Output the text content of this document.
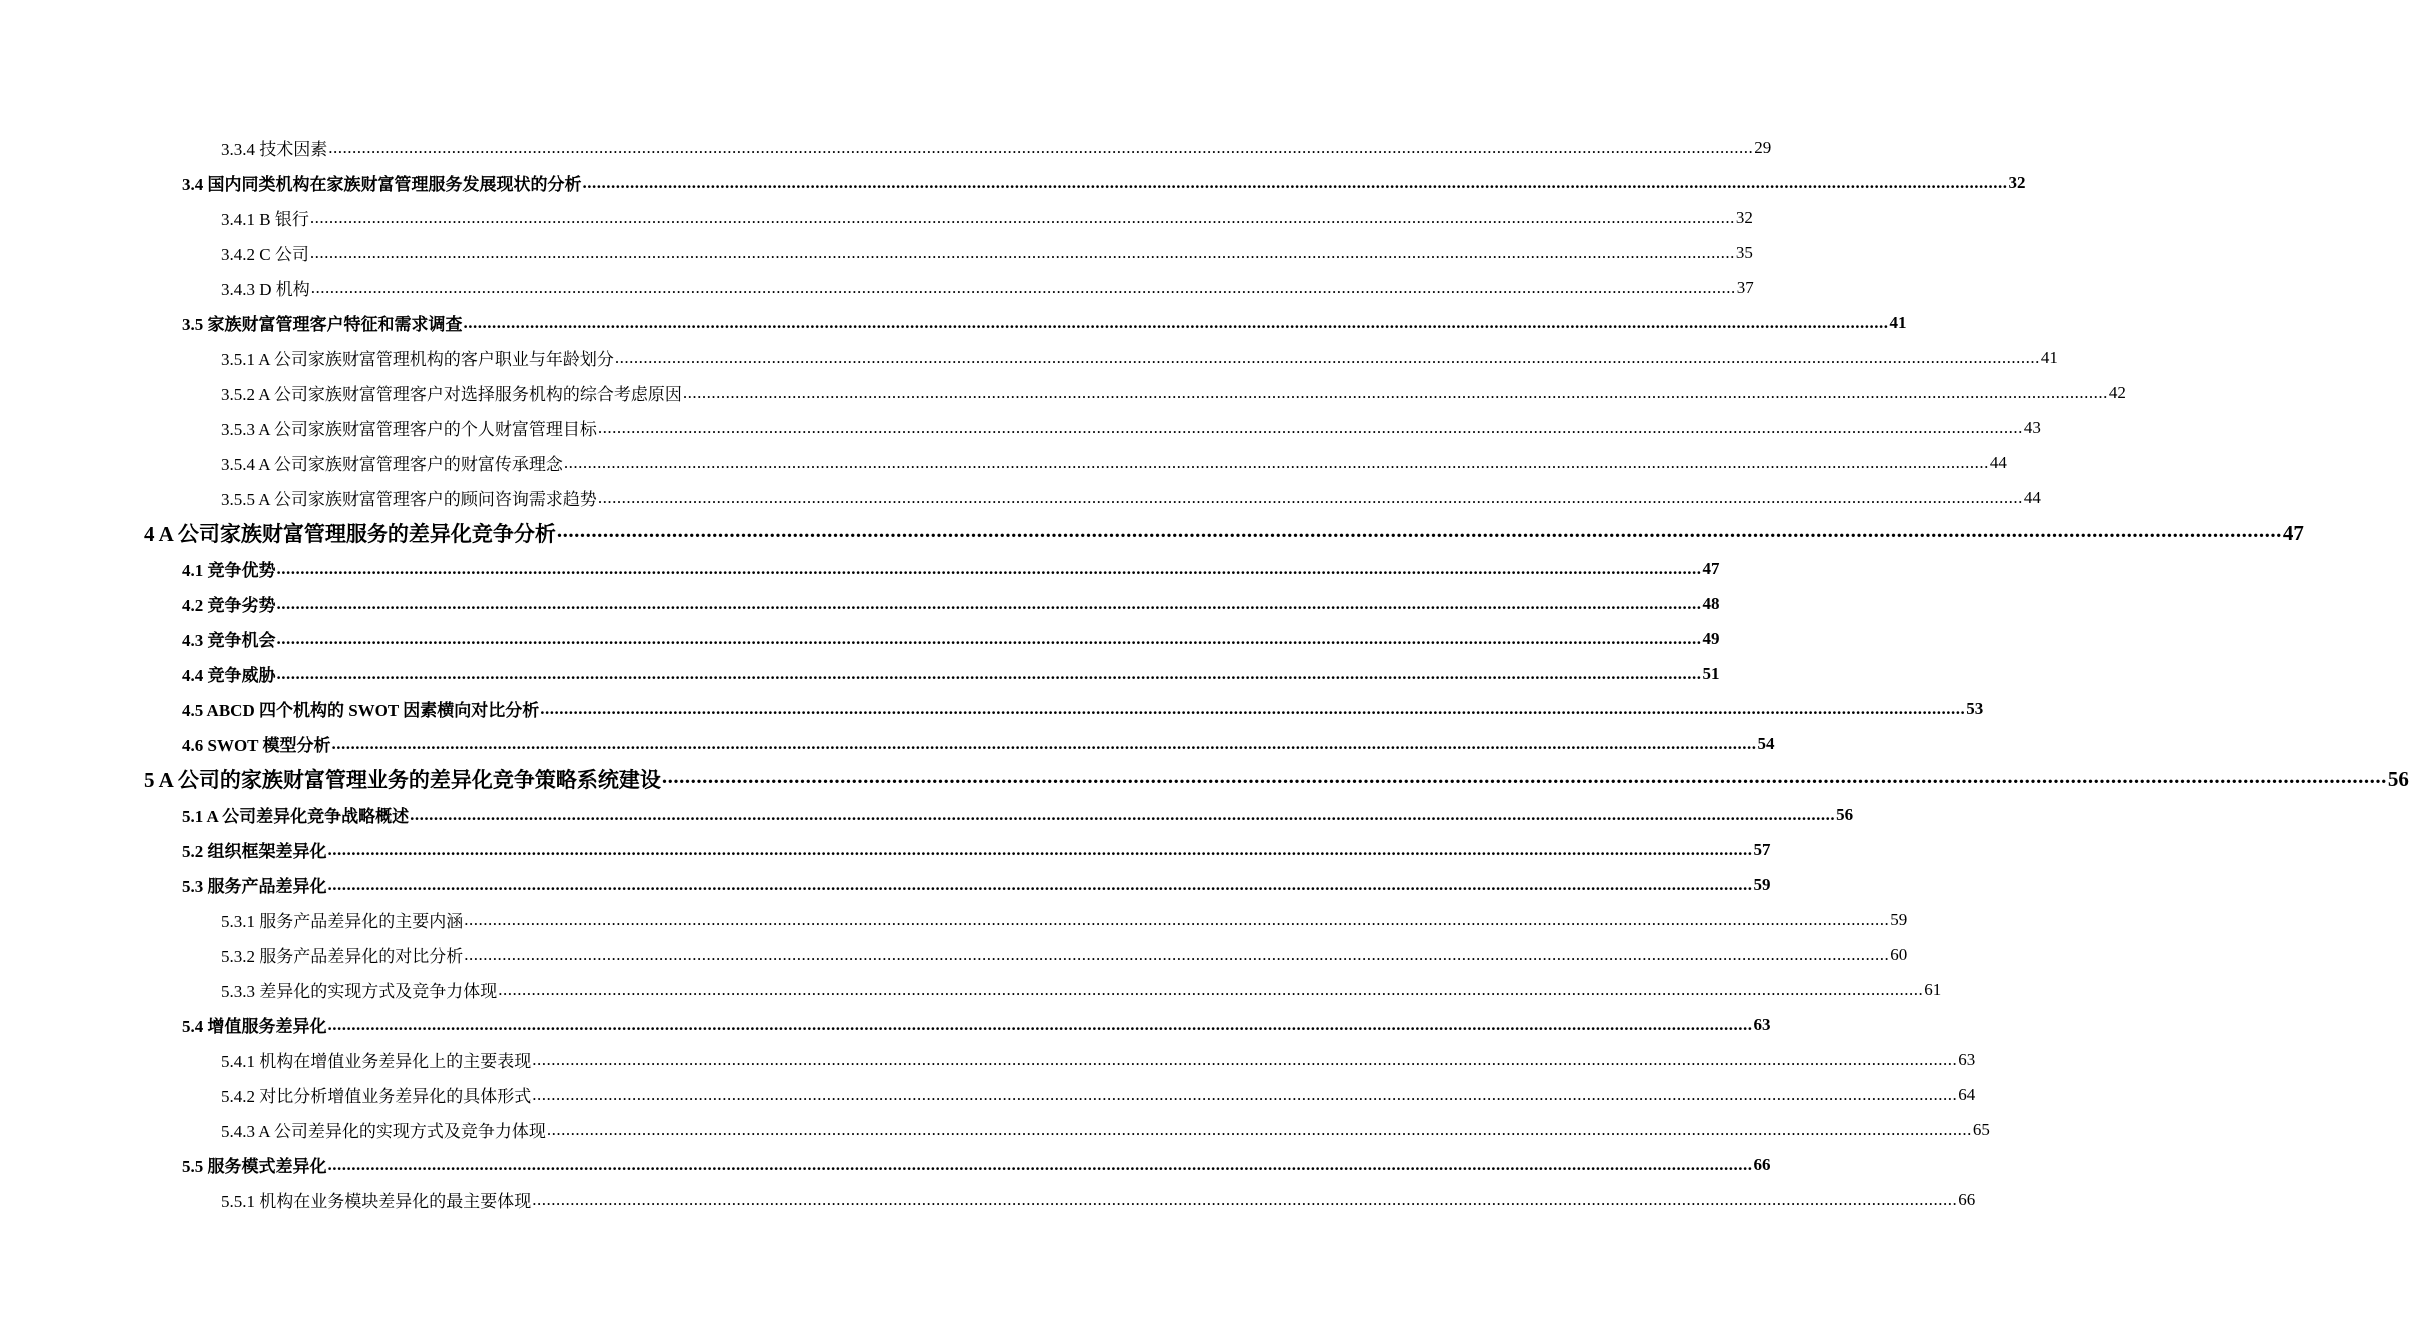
3.3.4 技术因素 ............................................................................................................................................................................................................................................................................................................ 29
3.4 国内同类机构在家族财富管理服务发展现状的分析 ............................................................................................................................................................................................................................................................................................................ 32
3.4.1 B 银行 ............................................................................................................................................................................................................................................................................................................ 32
3.4.2 C 公司 ............................................................................................................................................................................................................................................................................................................ 35
3.4.3 D 机构 ............................................................................................................................................................................................................................................................................................................ 37
3.5 家族财富管理客户特征和需求调查 ............................................................................................................................................................................................................................................................................................................ 41
3.5.1 A 公司家族财富管理机构的客户职业与年龄划分 ............................................................................................................................................................................................................................................................................................................ 41
3.5.2 A 公司家族财富管理客户对选择服务机构的综合考虑原因 ............................................................................................................................................................................................................................................................................................................ 42
3.5.3 A 公司家族财富管理客户的个人财富管理目标 ............................................................................................................................................................................................................................................................................................................ 43
3.5.4 A 公司家族财富管理客户的财富传承理念 ............................................................................................................................................................................................................................................................................................................ 44
3.5.5 A 公司家族财富管理客户的顾问咨询需求趋势 ............................................................................................................................................................................................................................................................................................................ 44
4 A 公司家族财富管理服务的差异化竞争分析 ............................................................................................................................................................................................................................................................................................................ 47
4.1 竞争优势 ............................................................................................................................................................................................................................................................................................................ 47
4.2 竞争劣势 ............................................................................................................................................................................................................................................................................................................ 48
4.3 竞争机会 ............................................................................................................................................................................................................................................................................................................ 49
4.4 竞争威胁 ............................................................................................................................................................................................................................................................................................................ 51
4.5 ABCD 四个机构的 SWOT 因素横向对比分析 ............................................................................................................................................................................................................................................................................................................ 53
4.6 SWOT 模型分析 ............................................................................................................................................................................................................................................................................................................ 54
5 A 公司的家族财富管理业务的差异化竞争策略系统建设 ............................................................................................................................................................................................................................................................................................................ 56
5.1 A 公司差异化竞争战略概述 ............................................................................................................................................................................................................................................................................................................ 56
5.2 组织框架差异化 ............................................................................................................................................................................................................................................................................................................ 57
5.3 服务产品差异化 ............................................................................................................................................................................................................................................................................................................ 59
5.3.1 服务产品差异化的主要内涵 ............................................................................................................................................................................................................................................................................................................ 59
5.3.2 服务产品差异化的对比分析 ............................................................................................................................................................................................................................................................................................................ 60
5.3.3 差异化的实现方式及竞争力体现 ............................................................................................................................................................................................................................................................................................................ 61
5.4 增值服务差异化 ............................................................................................................................................................................................................................................................................................................ 63
5.4.1 机构在增值业务差异化上的主要表现 ............................................................................................................................................................................................................................................................................................................ 63
5.4.2 对比分析增值业务差异化的具体形式 ............................................................................................................................................................................................................................................................................................................ 64
5.4.3 A 公司差异化的实现方式及竞争力体现 ............................................................................................................................................................................................................................................................................................................ 65
5.5 服务模式差异化 ............................................................................................................................................................................................................................................................................................................ 66
5.5.1 机构在业务模块差异化的最主要体现 ............................................................................................................................................................................................................................................................................................................ 66
